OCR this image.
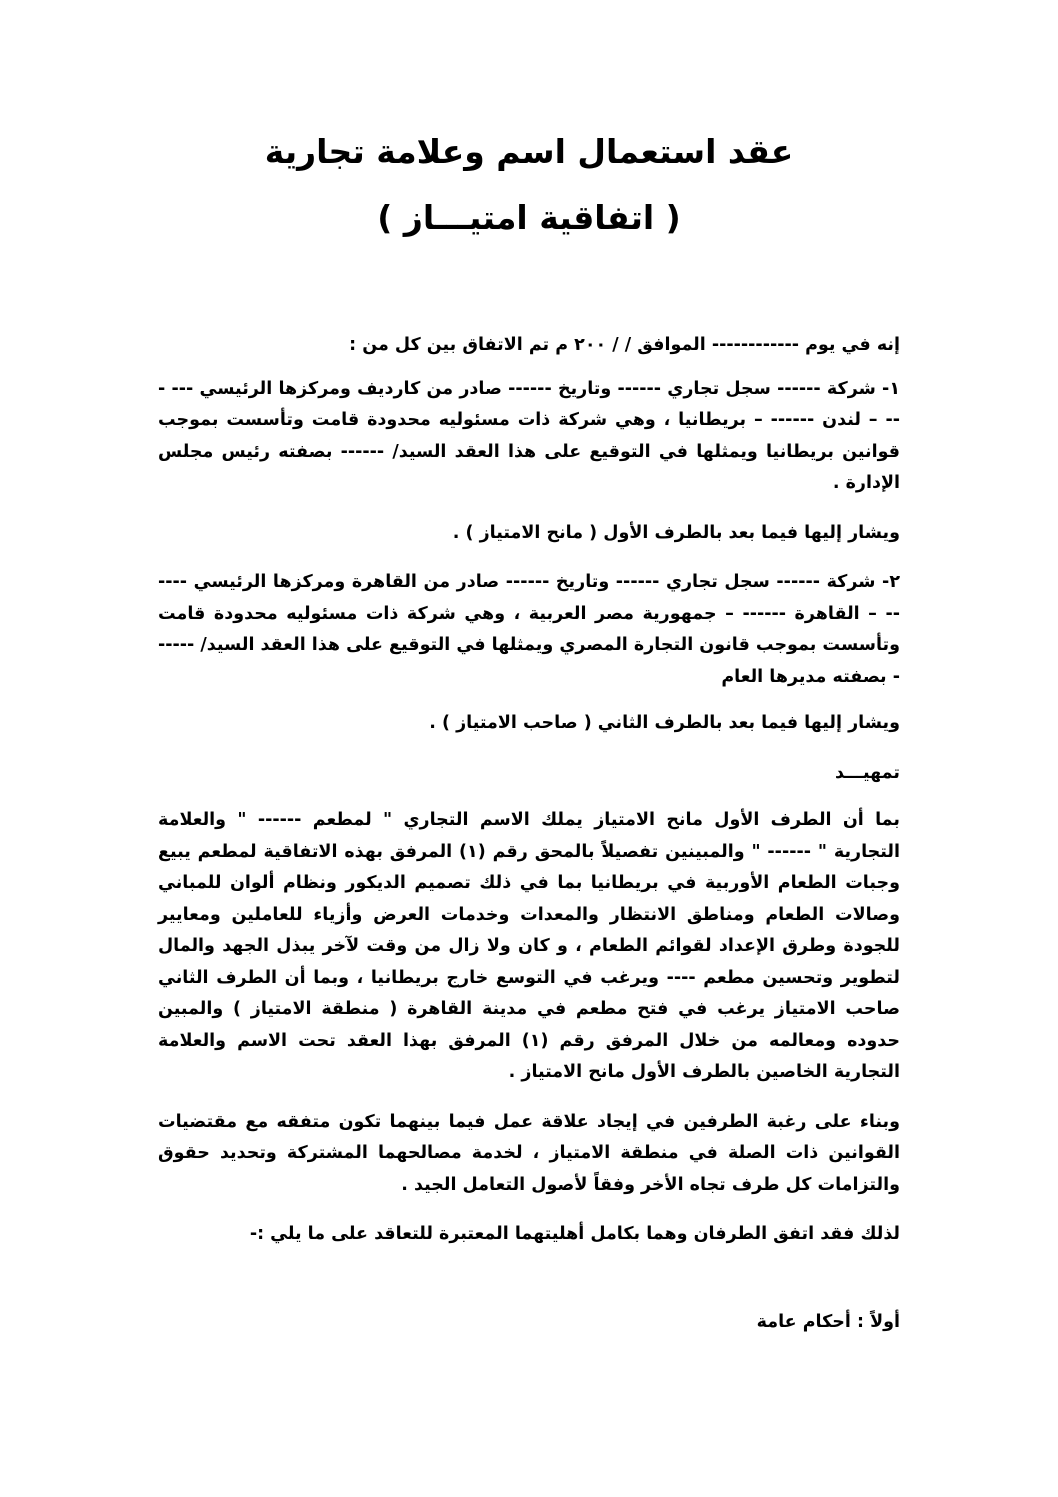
عقد استعمال اسم وعلامة تجارية
( اتفاقية امتيـــاز )

إنه في يوم ------------ الموافق / / ٢٠٠ م تم الاتفاق بين كل من :

١- شركة ------ سجل تجاري ------ وتاريخ ------ صادر من كارديف ومركزها الرئيسي --- --- – لندن ------ – بريطانيا ، وهي شركة ذات مسئوليه محدودة قامت وتأسست بموجب قوانين بريطانيا ويمثلها في التوقيع على هذا العقد السيد/ ------ بصفته رئيس مجلس الإدارة .

ويشار إليها فيما بعد بالطرف الأول ( مانح الامتياز ) .

٢- شركة ------ سجل تجاري ------ وتاريخ ------ صادر من القاهرة ومركزها الرئيسي ------ – القاهرة ------ – جمهورية مصر العربية ، وهي شركة ذات مسئوليه محدودة قامت وتأسست بموجب قانون التجارة المصري ويمثلها في التوقيع على هذا العقد السيد/ ------ بصفته مديرها العام

ويشار إليها فيما بعد بالطرف الثاني ( صاحب الامتياز ) .

تمهيـــد

بما أن الطرف الأول مانح الامتياز يملك الاسم التجاري " لمطعم ------ " والعلامة التجارية " ------ " والمبينين تفصيلاً بالمحق رقم (١) المرفق بهذه الاتفاقية لمطعم يبيع وجبات الطعام الأوربية في بريطانيا بما في ذلك تصميم الديكور ونظام ألوان للمباني وصالات الطعام ومناطق الانتظار والمعدات وخدمات العرض وأزياء للعاملين ومعايير للجودة وطرق الإعداد لقوائم الطعام ، و كان ولا زال من وقت لآخر يبذل الجهد والمال لتطوير وتحسين مطعم ---- ويرغب في التوسع خارج بريطانيا ، وبما أن الطرف الثاني صاحب الامتياز يرغب في فتح مطعم في مدينة القاهرة ( منطقة الامتياز ) والمبين حدوده ومعالمه من خلال المرفق رقم (١) المرفق بهذا العقد تحت الاسم والعلامة التجارية الخاصين بالطرف الأول مانح الامتياز .

وبناء على رغبة الطرفين في إيجاد علاقة عمل فيما بينهما تكون متفقه مع مقتضيات القوانين ذات الصلة في منطقة الامتياز ، لخدمة مصالحهما المشتركة وتحديد حقوق والتزامات كل طرف تجاه الأخر وفقاً لأصول التعامل الجيد .

لذلك فقد اتفق الطرفان وهما بكامل أهليتهما المعتبرة للتعاقد على ما يلي :-

أولاً : أحكام عامة
